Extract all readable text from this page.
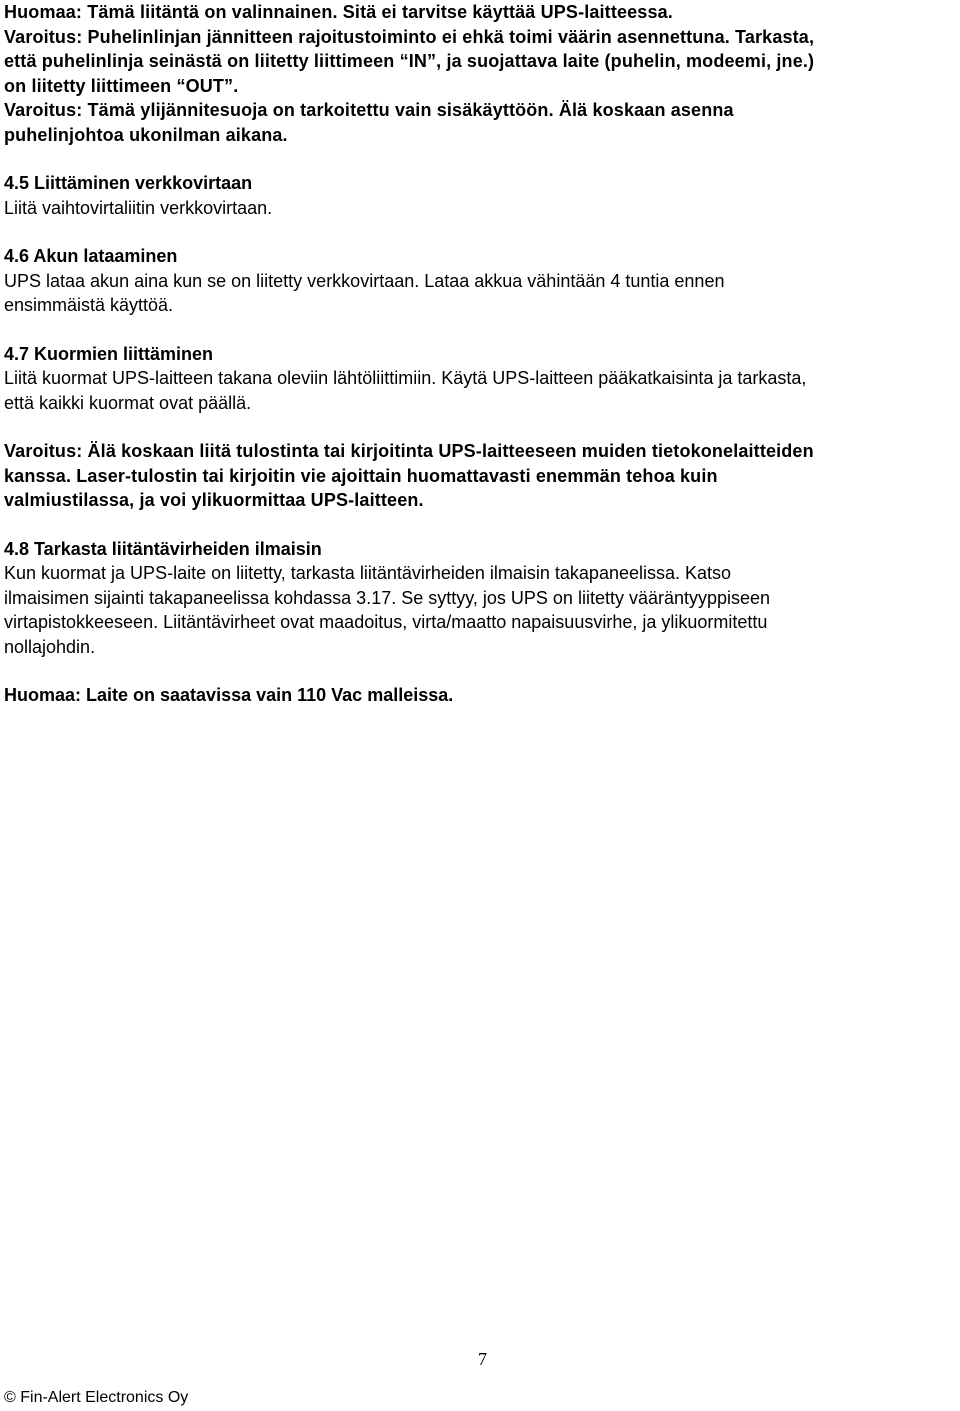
Huomaa: Tämä liitäntä on valinnainen. Sitä ei tarvitse käyttää UPS-laitteessa.
Varoitus: Puhelinlinjan jännitteen rajoitustoiminto ei ehkä toimi väärin asennettuna. Tarkasta,
että puhelinlinja seinästä on liitetty liittimeen “IN”, ja suojattava laite (puhelin, modeemi, jne.)
on liitetty liittimeen “OUT”.
Varoitus: Tämä ylijännitesuoja on tarkoitettu vain sisäkäyttöön. Älä koskaan asenna
puhelinjohtoa ukonilman aikana.
4.5 Liittäminen verkkovirtaan
Liitä vaihtovirtaliitin verkkovirtaan.
4.6 Akun lataaminen
UPS lataa akun aina kun se on liitetty verkkovirtaan. Lataa akkua vähintään 4 tuntia ennen
ensimmäistä käyttöä.
4.7 Kuormien liittäminen
Liitä kuormat UPS-laitteen takana oleviin lähtöliittimiin. Käytä UPS-laitteen pääkatkaisinta ja tarkasta,
että kaikki kuormat ovat päällä.
Varoitus: Älä koskaan liitä tulostinta tai kirjoitinta UPS-laitteeseen muiden tietokonelaitteiden
kanssa. Laser-tulostin tai kirjoitin vie ajoittain huomattavasti enemmän tehoa kuin
valmiustilassa, ja voi ylikuormittaa UPS-laitteen.
4.8 Tarkasta liitäntävirheiden ilmaisin
Kun kuormat ja UPS-laite on liitetty, tarkasta liitäntävirheiden ilmaisin takapaneelissa. Katso
ilmaisimen sijainti takapaneelissa kohdassa 3.17. Se syttyy, jos UPS on liitetty vääräntyyppiseen
virtapistokkeeseen. Liitäntävirheet ovat maadoitus, virta/maatto napaisuusvirhe, ja ylikuormitettu
nollajohdin.
Huomaa: Laite on saatavissa vain 110 Vac malleissa.
7
© Fin-Alert Electronics Oy
